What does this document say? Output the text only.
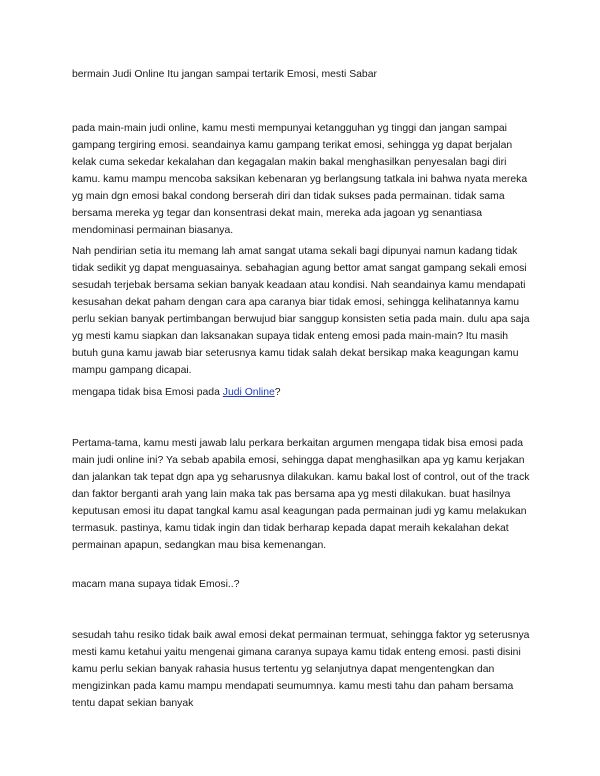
bermain Judi Online Itu jangan sampai tertarik Emosi, mesti Sabar

pada main-main judi online, kamu mesti mempunyai ketangguhan yg tinggi dan jangan sampai gampang tergiring emosi. seandainya kamu gampang terikat emosi, sehingga yg dapat berjalan kelak cuma sekedar kekalahan dan kegagalan makin bakal menghasilkan penyesalan bagi diri kamu. kamu mampu mencoba saksikan kebenaran yg berlangsung tatkala ini bahwa nyata mereka yg main dgn emosi bakal condong berserah diri dan tidak sukses pada permainan. tidak sama bersama mereka yg tegar dan konsentrasi dekat main, mereka ada jagoan yg senantiasa mendominasi permainan biasanya.

Nah pendirian setia itu memang lah amat sangat utama sekali bagi dipunyai namun kadang tidak tidak sedikit yg dapat menguasainya. sebahagian agung bettor amat sangat gampang sekali emosi sesudah terjebak bersama sekian banyak keadaan atau kondisi. Nah seandainya kamu mendapati kesusahan dekat paham dengan cara apa caranya biar tidak emosi, sehingga kelihatannya kamu perlu sekian banyak pertimbangan berwujud biar sanggup konsisten setia pada main. dulu apa saja yg mesti kamu siapkan dan laksanakan supaya tidak enteng emosi pada main-main? Itu masih butuh guna kamu jawab biar seterusnya kamu tidak salah dekat bersikap maka keagungan kamu mampu gampang dicapai.

mengapa tidak bisa Emosi pada Judi Online?

Pertama-tama, kamu mesti jawab lalu perkara berkaitan argumen mengapa tidak bisa emosi pada main judi online ini? Ya sebab apabila emosi, sehingga dapat menghasilkan apa yg kamu kerjakan dan jalankan tak tepat dgn apa yg seharusnya dilakukan. kamu bakal lost of control, out of the track dan faktor berganti arah yang lain maka tak pas bersama apa yg mesti dilakukan. buat hasilnya keputusan emosi itu dapat tangkal kamu asal keagungan pada permainan judi yg kamu melakukan termasuk. pastinya, kamu tidak ingin dan tidak berharap kepada dapat meraih kekalahan dekat permainan apapun, sedangkan mau bisa kemenangan.

macam mana supaya tidak Emosi..?

sesudah tahu resiko tidak baik awal emosi dekat permainan termuat, sehingga faktor yg seterusnya mesti kamu ketahui yaitu mengenai gimana caranya supaya kamu tidak enteng emosi. pasti disini kamu perlu sekian banyak rahasia husus tertentu yg selanjutnya dapat mengentengkan dan mengizinkan pada kamu mampu mendapati seumumnya. kamu mesti tahu dan paham bersama tentu dapat sekian banyak
